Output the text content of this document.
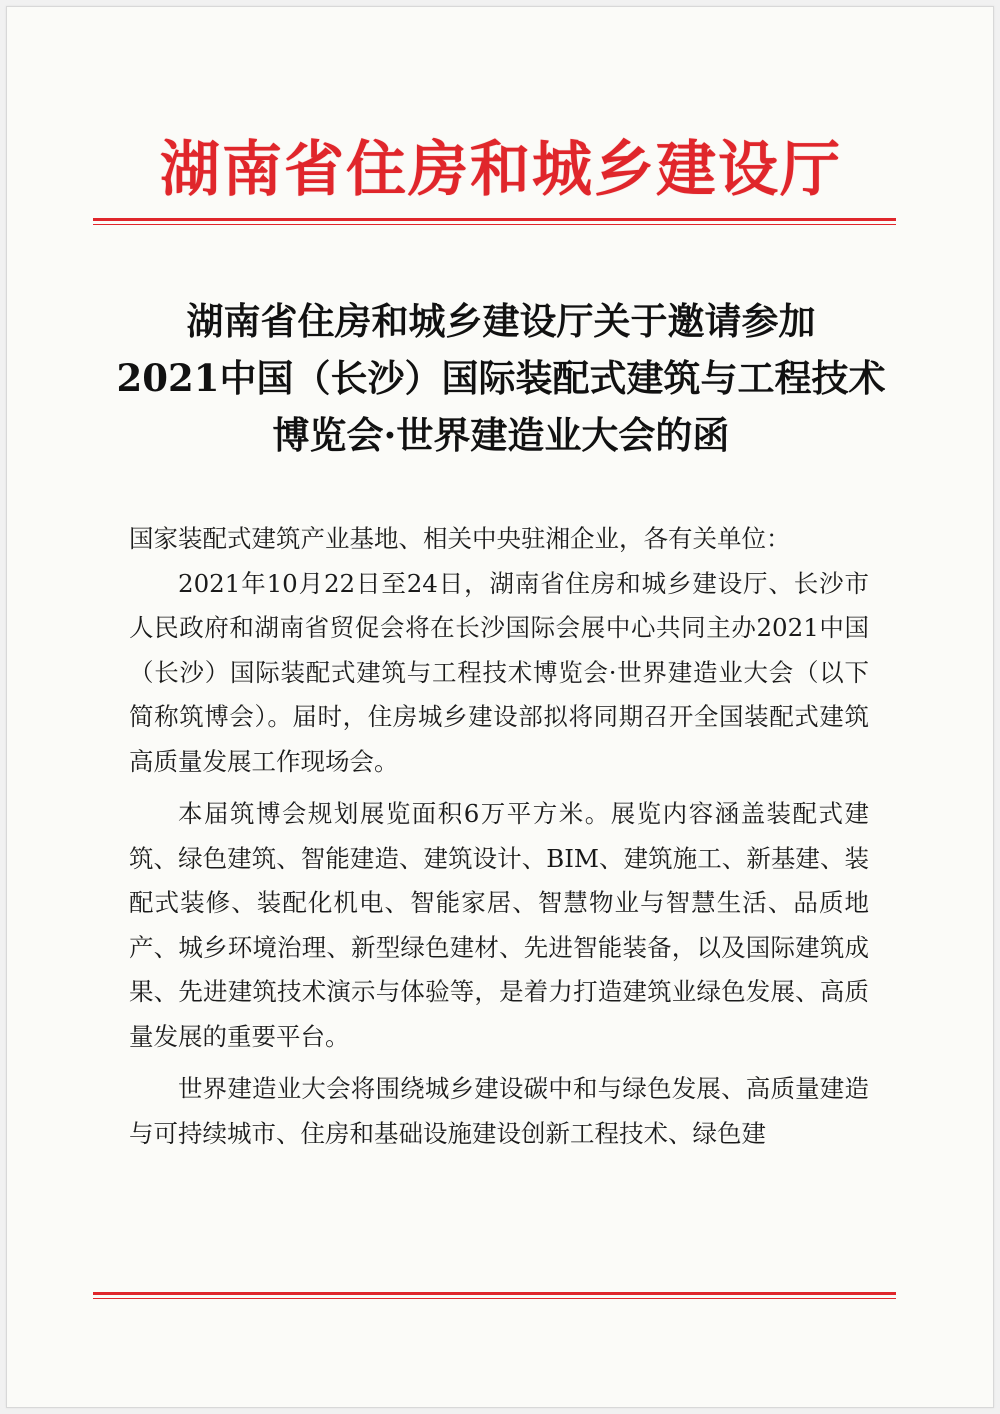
湖南省住房和城乡建设厅
湖南省住房和城乡建设厅关于邀请参加
2021中国（长沙）国际装配式建筑与工程技术
博览会·世界建造业大会的函

国家装配式建筑产业基地、相关中央驻湘企业，各有关单位：

2021年10月22日至24日，湖南省住房和城乡建设厅、长沙市人民政府和湖南省贸促会将在长沙国际会展中心共同主办2021中国（长沙）国际装配式建筑与工程技术博览会·世界建造业大会（以下简称筑博会）。届时，住房城乡建设部拟将同期召开全国装配式建筑高质量发展工作现场会。

本届筑博会规划展览面积6万平方米。展览内容涵盖装配式建筑、绿色建筑、智能建造、建筑设计、BIM、建筑施工、新基建、装配式装修、装配化机电、智能家居、智慧物业与智慧生活、品质地产、城乡环境治理、新型绿色建材、先进智能装备，以及国际建筑成果、先进建筑技术演示与体验等，是着力打造建筑业绿色发展、高质量发展的重要平台。

世界建造业大会将围绕城乡建设碳中和与绿色发展、高质量建造与可持续城市、住房和基础设施建设创新工程技术、绿色建
